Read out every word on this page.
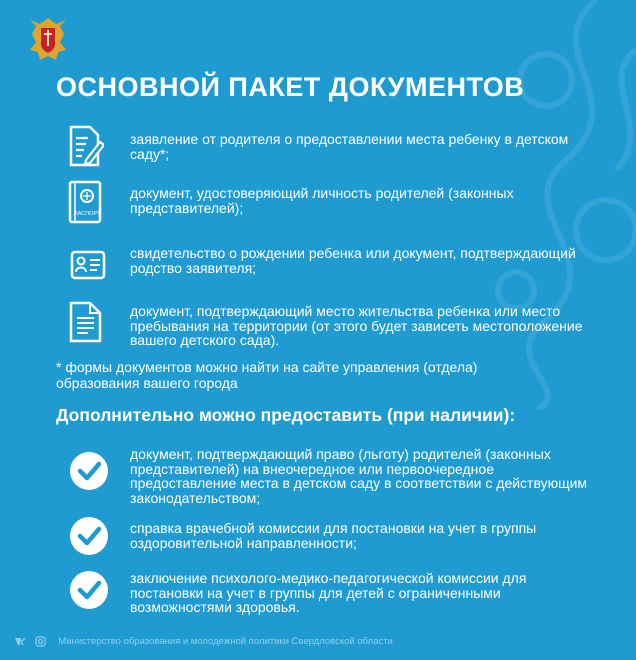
ОСНОВНОЙ ПАКЕТ ДОКУМЕНТОВ
заявление от родителя о предоставлении места ребенку в детском саду*;
ПАСПОРТ
документ, удостоверяющий личность родителей (законных представителей);
свидетельство о рождении ребенка или документ, подтверждающий родство заявителя;
документ, подтверждающий место жительства ребенка или место пребывания на территории (от этого будет зависеть местоположение вашего детского сада).
* формы документов можно найти на сайте управления (отдела) образования вашего города
Дополнительно можно предоставить (при наличии):
документ, подтверждающий право (льготу) родителей (законных представителей) на внеочередное или первоочередное предоставление места в детском саду в соответствии с действующим законодательством;
справка врачебной комиссии для постановки на учет в группы оздоровительной направленности;
заключение психолого-медико-педагогической комиссии для постановки на учет в группы для детей с ограниченными возможностями здоровья.
Министерство образования и молодежной политики Свердловской области
